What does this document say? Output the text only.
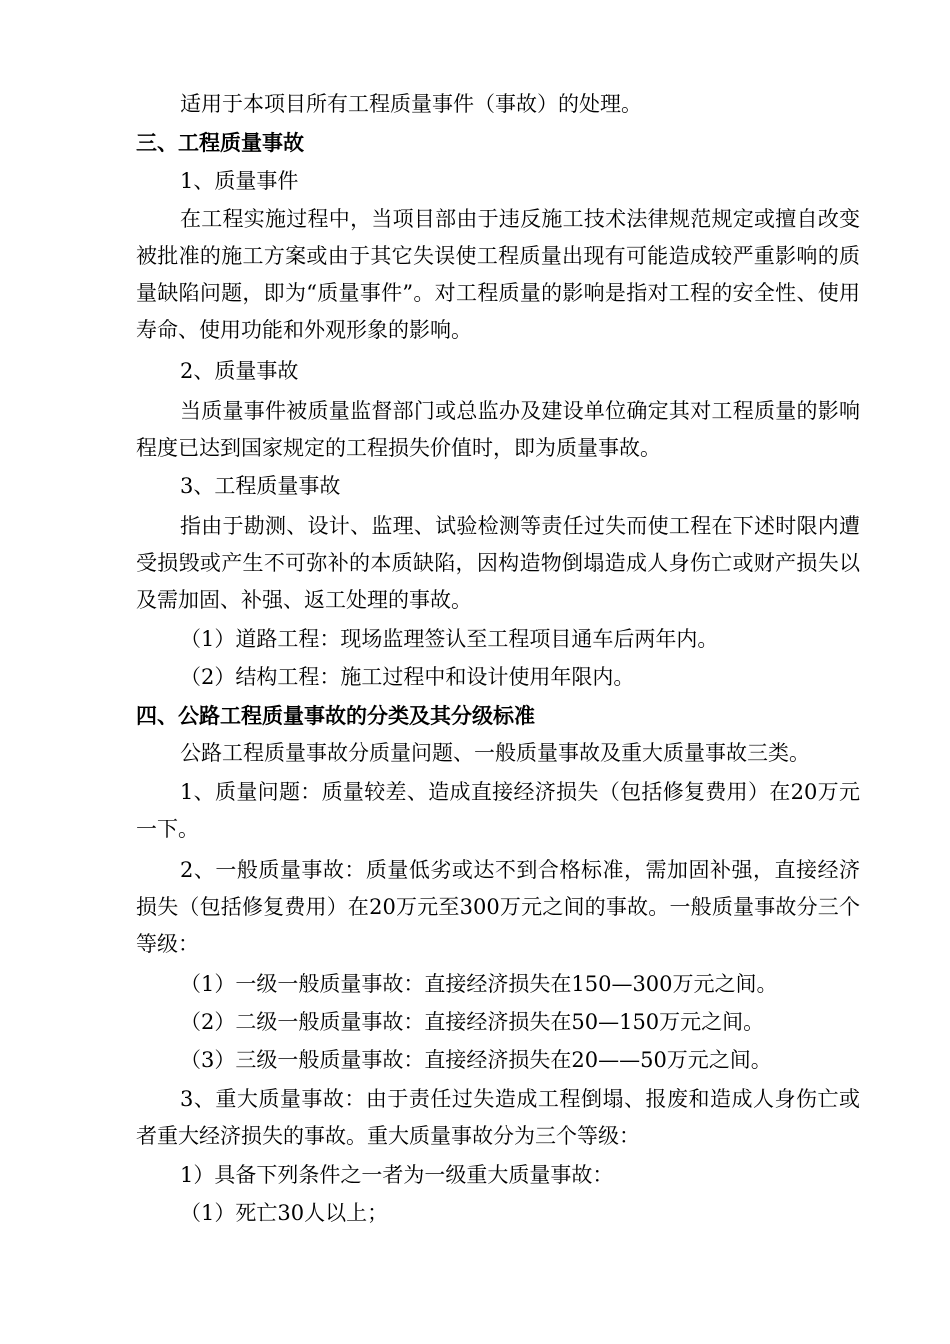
适用于本项目所有工程质量事件（事故）的处理。
三、工程质量事故
1、质量事件
在工程实施过程中，当项目部由于违反施工技术法律规范规定或擅自改变被批准的施工方案或由于其它失误使工程质量出现有可能造成较严重影响的质量缺陷问题，即为“质量事件”。对工程质量的影响是指对工程的安全性、使用寿命、使用功能和外观形象的影响。
2、质量事故
当质量事件被质量监督部门或总监办及建设单位确定其对工程质量的影响程度已达到国家规定的工程损失价值时，即为质量事故。
3、工程质量事故
指由于勘测、设计、监理、试验检测等责任过失而使工程在下述时限内遭受损毁或产生不可弥补的本质缺陷，因构造物倒塌造成人身伤亡或财产损失以及需加固、补强、返工处理的事故。
（1）道路工程：现场监理签认至工程项目通车后两年内。
（2）结构工程：施工过程中和设计使用年限内。
四、公路工程质量事故的分类及其分级标准
公路工程质量事故分质量问题、一般质量事故及重大质量事故三类。
1、质量问题：质量较差、造成直接经济损失（包括修复费用）在20万元一下。
2、一般质量事故：质量低劣或达不到合格标准，需加固补强，直接经济损失（包括修复费用）在20万元至300万元之间的事故。一般质量事故分三个等级：
（1）一级一般质量事故：直接经济损失在150—300万元之间。
（2）二级一般质量事故：直接经济损失在50—150万元之间。
（3）三级一般质量事故：直接经济损失在20——50万元之间。
3、重大质量事故：由于责任过失造成工程倒塌、报废和造成人身伤亡或者重大经济损失的事故。重大质量事故分为三个等级：
1）具备下列条件之一者为一级重大质量事故：
（1）死亡30人以上；
